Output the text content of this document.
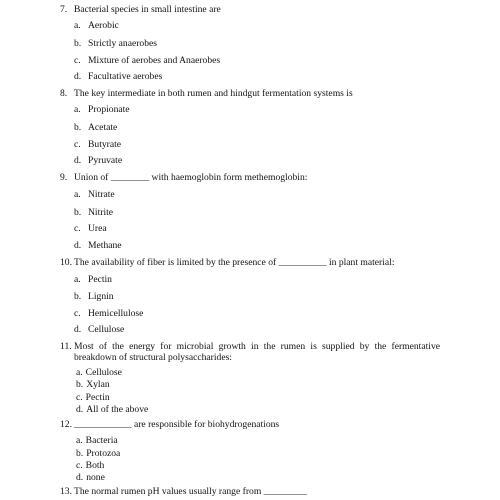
7. Bacterial species in small intestine are
a. Aerobic
b. Strictly anaerobes
c. Mixture of aerobes and Anaerobes
d. Facultative aerobes
8. The key intermediate in both rumen and hindgut fermentation systems is
a. Propionate
b. Acetate
c. Butyrate
d. Pyruvate
9. Union of ________ with haemoglobin form methemoglobin:
a. Nitrate
b. Nitrite
c. Urea
d. Methane
10. The availability of fiber is limited by the presence of __________ in plant material:
a. Pectin
b. Lignin
c. Hemicellulose
d. Cellulose
11. Most of the energy for microbial growth in the rumen is supplied by the fermentative breakdown of structural polysaccharides:
a. Cellulose
b. Xylan
c. Pectin
d. All of the above
12. ____________ are responsible for biohydrogenations
a. Bacteria
b. Protozoa
c. Both
d. none
13. The normal rumen pH values usually range from _________
